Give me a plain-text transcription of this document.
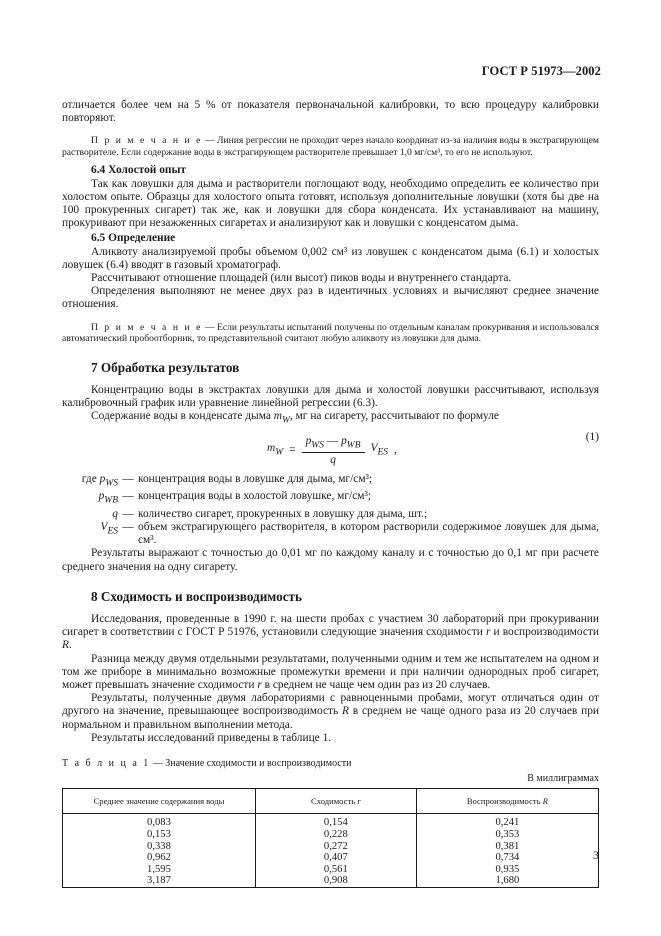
ГОСТ Р 51973—2002

отличается более чем на 5 % от показателя первоначальной калибровки, то всю процедуру калибровки повторяют.

П р и м е ч а н и е — Линия регрессии не проходит через начало координат из-за наличия воды в экстрагирующем растворителе. Если содержание воды в экстрагирующем растворителе превышает 1,0 мг/см³, то его не используют.

6.4 Холостой опыт

Так как ловушки для дыма и растворители поглощают воду, необходимо определить ее количество при холостом опыте. Образцы для холостого опыта готовят, используя дополнительные ловушки (хотя бы две на 100 прокуренных сигарет) так же, как и ловушки для сбора конденсата. Их устанавливают на машину, прокуривают при незажженных сигаретах и анализируют как и ловушки с конденсатом дыма.

6.5 Определение

Аликвоту анализируемой пробы объемом 0,002 см³ из ловушек с конденсатом дыма (6.1) и холостых ловушек (6.4) вводят в газовый хроматограф.

Рассчитывают отношение площадей (или высот) пиков воды и внутреннего стандарта.

Определения выполняют не менее двух раз в идентичных условиях и вычисляют среднее значение отношения.

П р и м е ч а н и е — Если результаты испытаний получены по отдельным каналам прокуривания и использовался автоматический пробоотборник, то представительной считают любую аликвоту из ловушки для дыма.

7 Обработка результатов

Концентрацию воды в экстрактах ловушки для дыма и холостой ловушки рассчитывают, используя калибровочный график или уравнение линейной регрессии (6.3).

Содержание воды в конденсате дыма $m_W$, мг на сигарету, рассчитывают по формуле

$m_W = \frac{p_{WS} — p_{WB}}{q} V_{ES}$ ,
(1)
где $p_{WS}$ — концентрация воды в ловушке для дыма, мг/см³;
$p_{WB}$ — концентрация воды в холостой ловушке, мг/см³;
q — количество сигарет, прокуренных в ловушку для дыма, шт.;
$V_{ES}$ — объем экстрагирующего растворителя, в котором растворили содержимое ловушек для дыма, см³.

Результаты выражают с точностью до 0,01 мг по каждому каналу и с точностью до 0,1 мг при расчете среднего значения на одну сигарету.

8 Сходимость и воспроизводимость

Исследования, проведенные в 1990 г. на шести пробах с участием 30 лабораторий при прокуривании сигарет в соответствии с ГОСТ Р 51976, установили следующие значения сходимости r и воспроизводимости R.

Разница между двумя отдельными результатами, полученными одним и тем же испытателем на одном и том же приборе в минимально возможные промежутки времени и при наличии однородных проб сигарет, может превышать значение сходимости r в среднем не чаще чем один раз из 20 случаев.

Результаты, полученные двумя лабораториями с равноценными пробами, могут отличаться один от другого на значение, превышающее воспроизводимость R в среднем не чаще одного раза из 20 случаев при нормальном и правильном выполнении метода.

Результаты исследований приведены в таблице 1.

Т а б л и ц а 1 — Значение сходимости и воспроизводимости
В миллиграммах
Среднее значение содержания воды	Сходимость r	Воспроизводимость R
0,083	0,154	0,241
0,153	0,228	0,353
0,338	0,272	0,381
0,962	0,407	0,734
1,595	0,561	0,935
3,187	0,908	1,680
3
